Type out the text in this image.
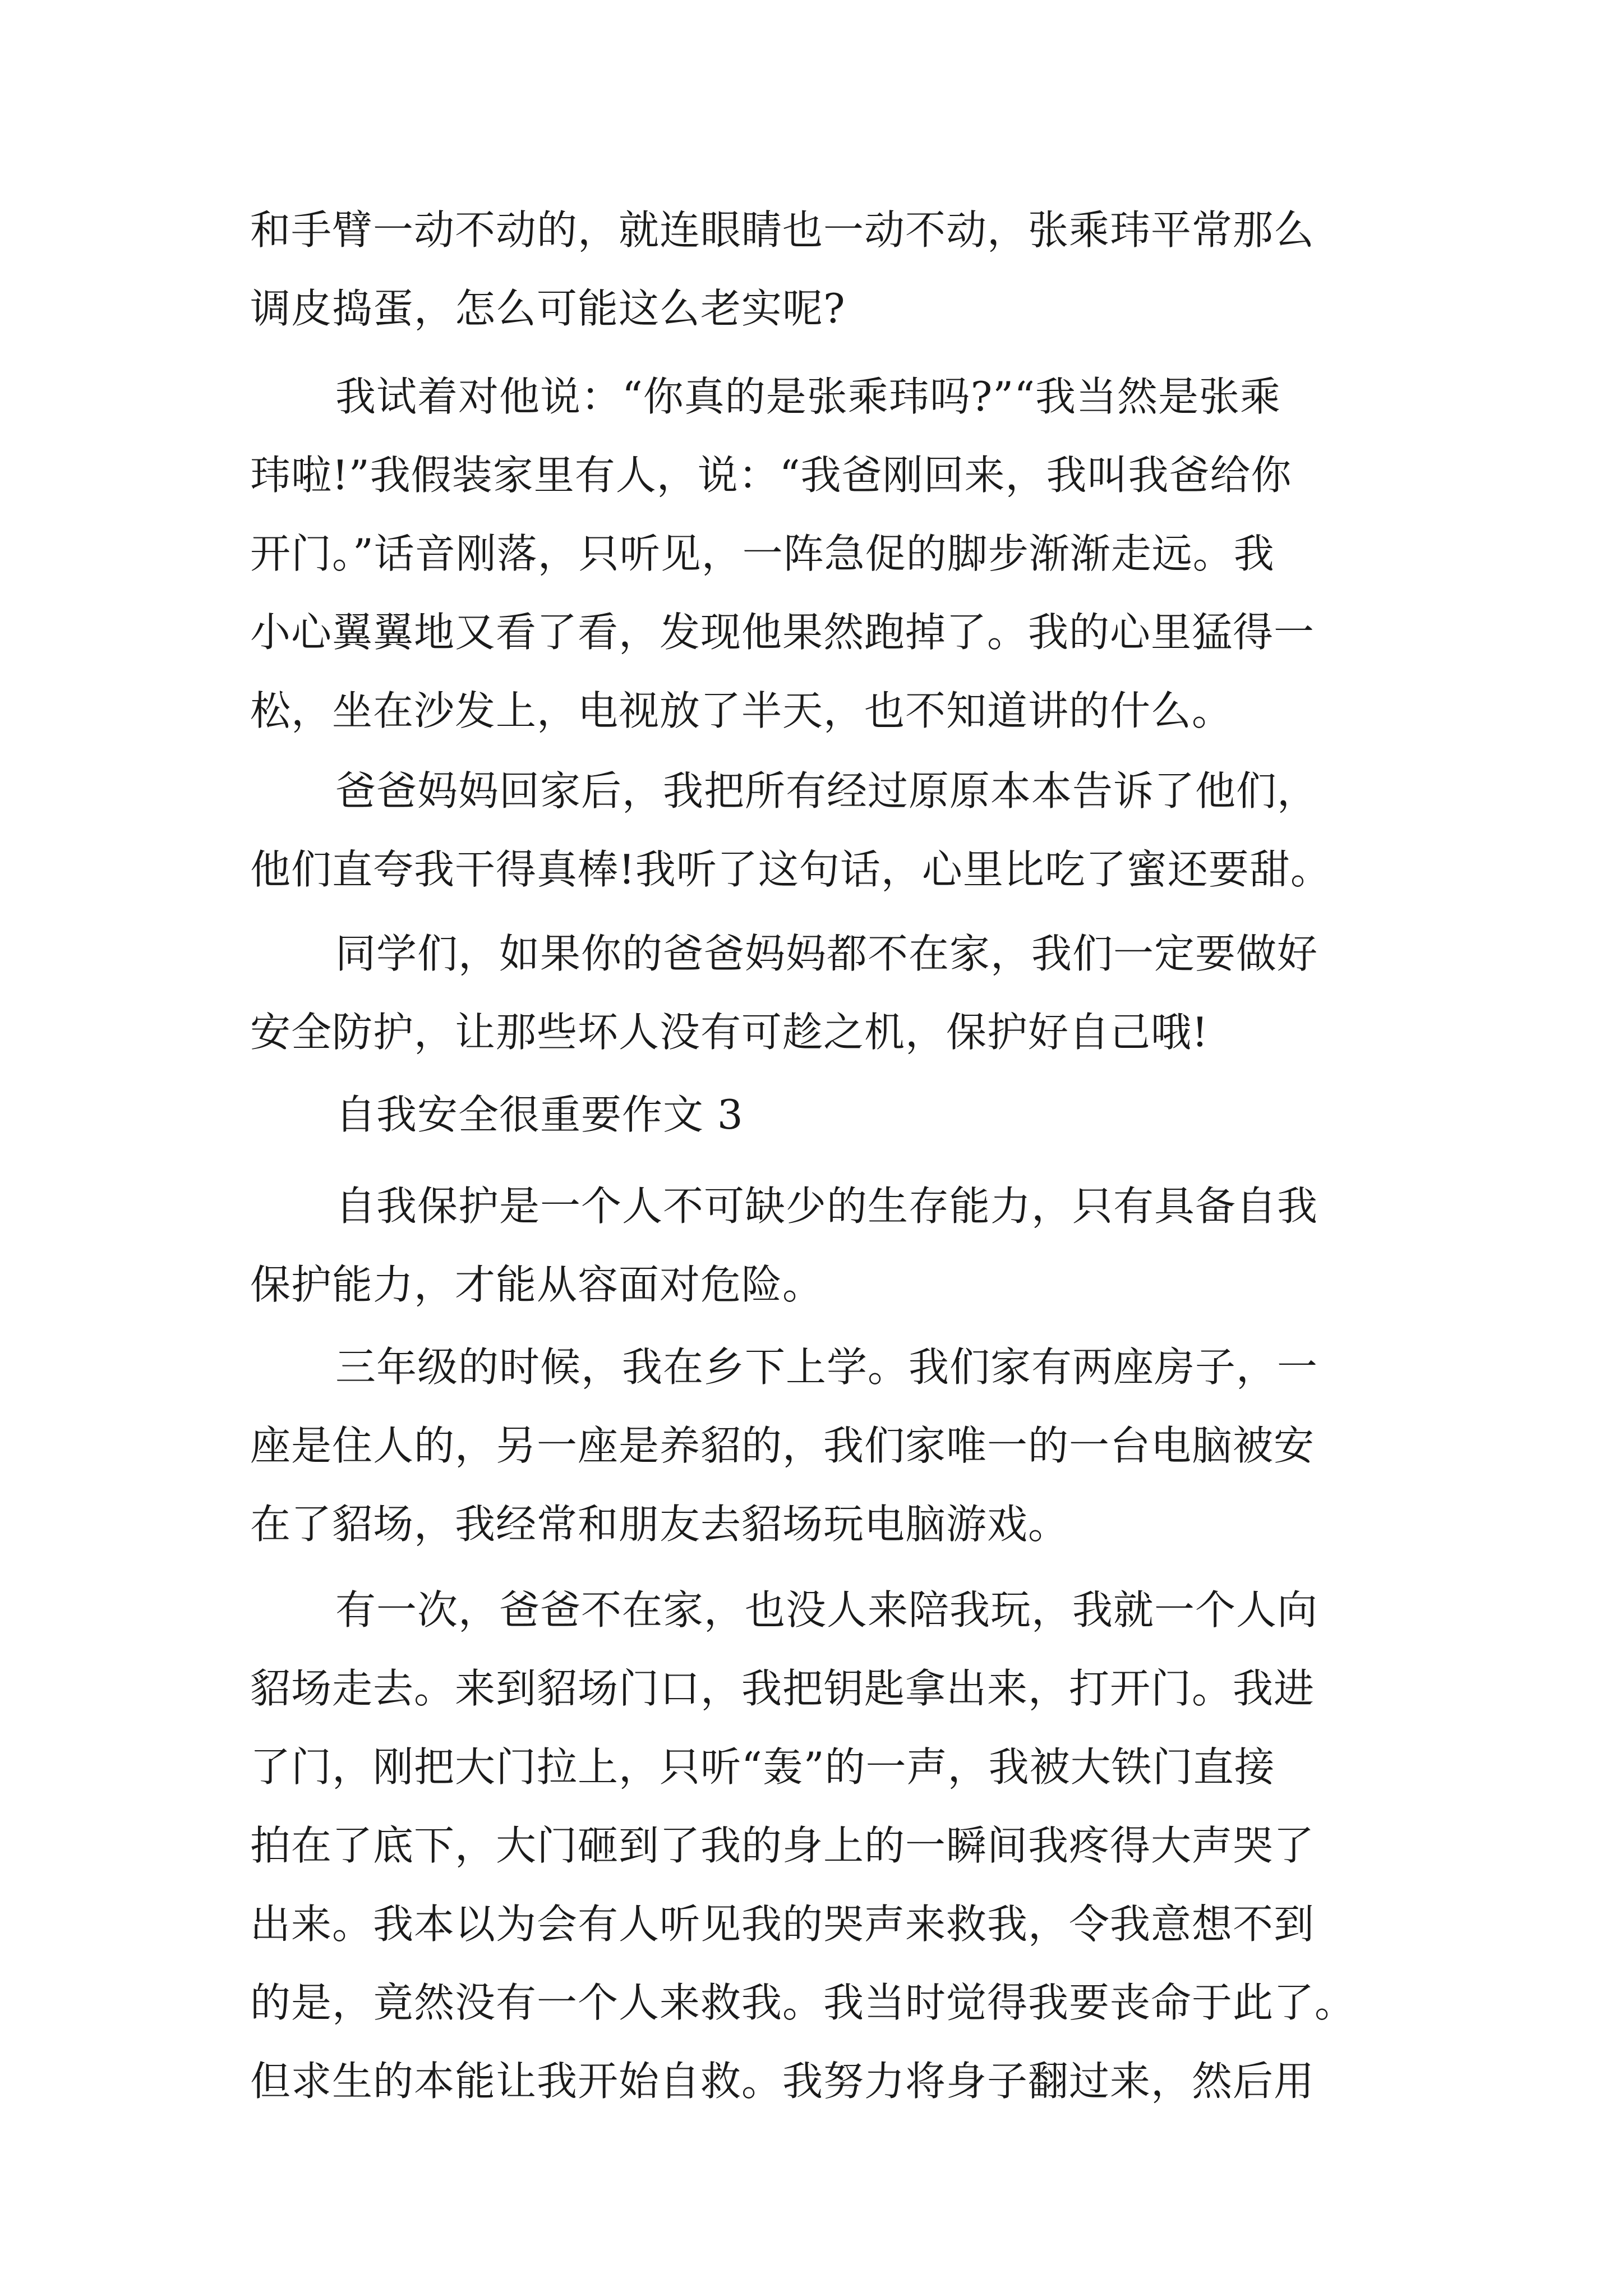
和手臂一动不动的，就连眼睛也一动不动，张乘玮平常那么
调皮捣蛋，怎么可能这么老实呢?
我试着对他说：“你真的是张乘玮吗?”“我当然是张乘
玮啦!”我假装家里有人，说：“我爸刚回来，我叫我爸给你
开门。”话音刚落，只听见，一阵急促的脚步渐渐走远。我
小心翼翼地又看了看，发现他果然跑掉了。我的心里猛得一
松，坐在沙发上，电视放了半天，也不知道讲的什么。
爸爸妈妈回家后，我把所有经过原原本本告诉了他们，
他们直夸我干得真棒!我听了这句话，心里比吃了蜜还要甜。
同学们，如果你的爸爸妈妈都不在家，我们一定要做好
安全防护，让那些坏人没有可趁之机，保护好自己哦!
自我安全很重要作文 3
自我保护是一个人不可缺少的生存能力，只有具备自我
保护能力，才能从容面对危险。
三年级的时候，我在乡下上学。我们家有两座房子，一
座是住人的，另一座是养貂的，我们家唯一的一台电脑被安
在了貂场，我经常和朋友去貂场玩电脑游戏。
有一次，爸爸不在家，也没人来陪我玩，我就一个人向
貂场走去。来到貂场门口，我把钥匙拿出来，打开门。我进
了门，刚把大门拉上，只听“轰”的一声，我被大铁门直接
拍在了底下，大门砸到了我的身上的一瞬间我疼得大声哭了
出来。我本以为会有人听见我的哭声来救我，令我意想不到
的是，竟然没有一个人来救我。我当时觉得我要丧命于此了。
但求生的本能让我开始自救。我努力将身子翻过来，然后用
